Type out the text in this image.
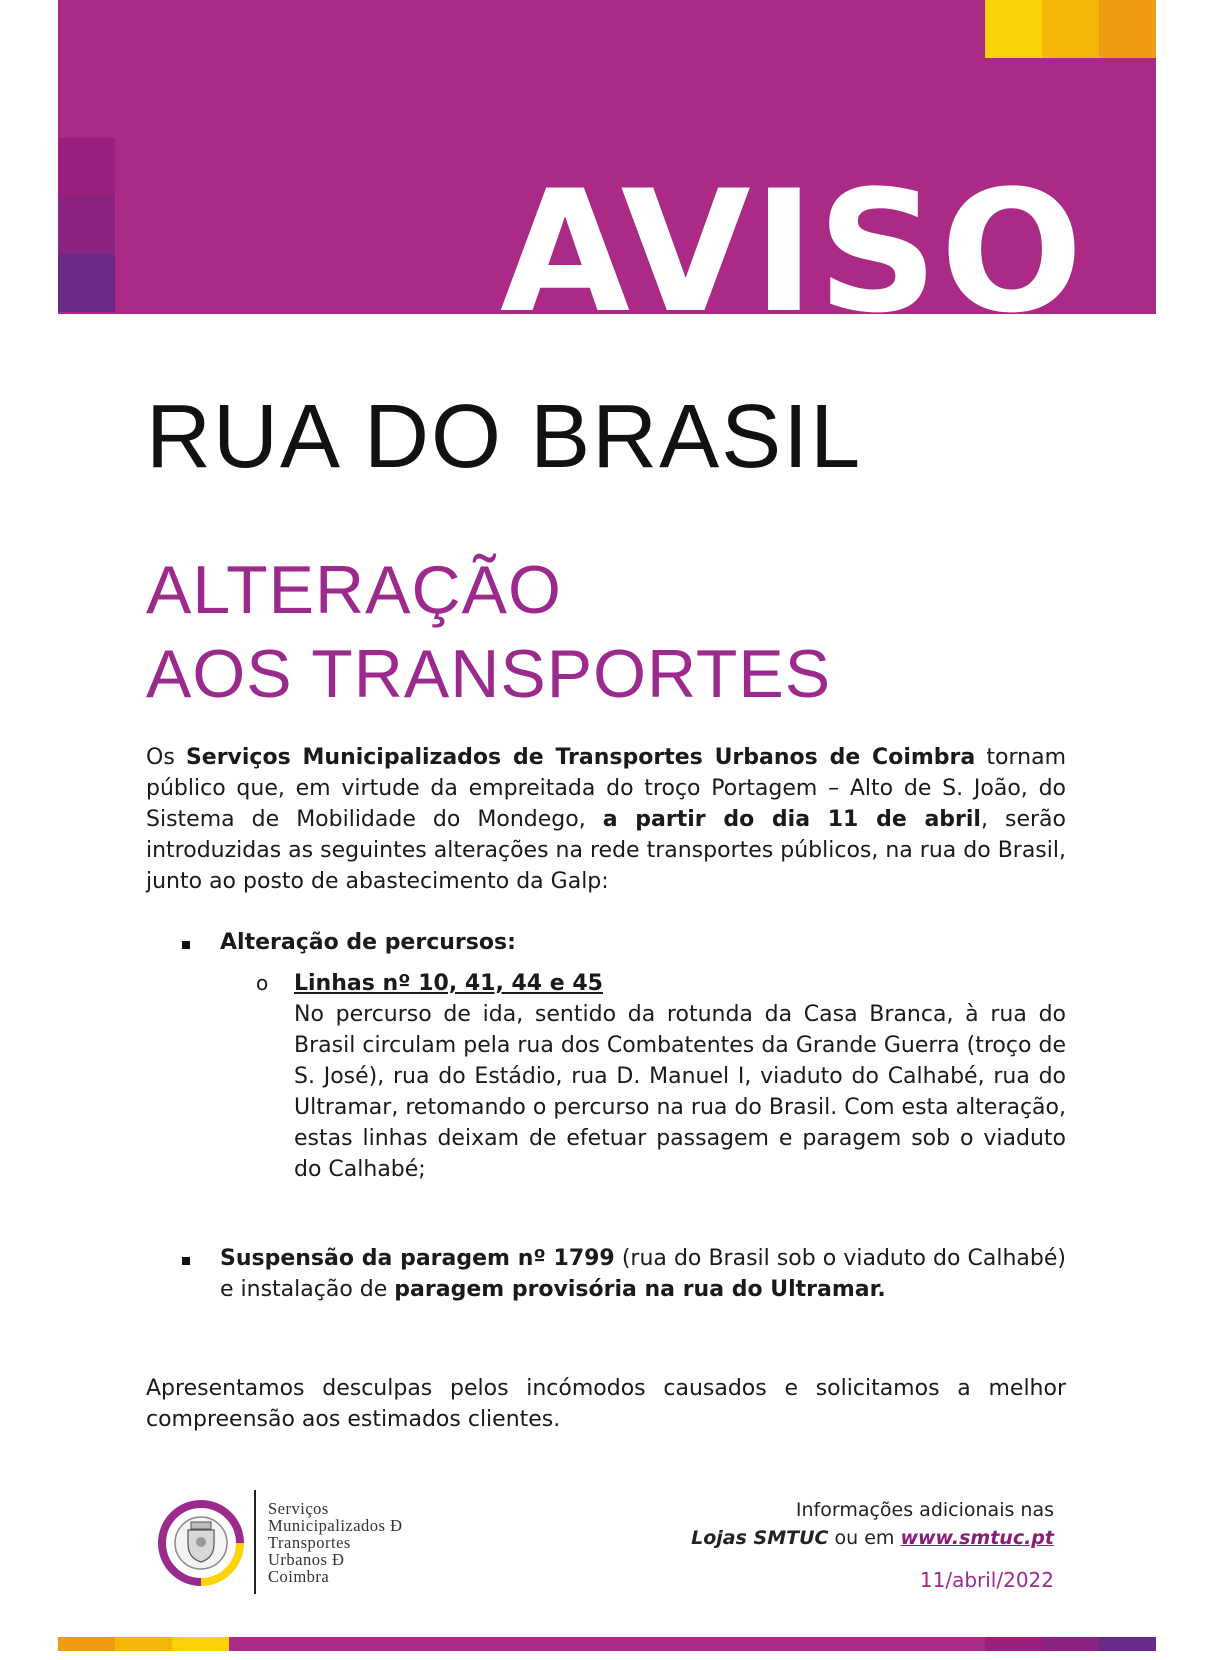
AVISO
RUA DO BRASIL
ALTERAÇÃO
AOS TRANSPORTES

Os Serviços Municipalizados de Transportes Urbanos de Coimbra tornam público que, em virtude da empreitada do troço Portagem – Alto de S. João, do Sistema de Mobilidade do Mondego, a partir do dia 11 de abril, serão introduzidas as seguintes alterações na rede transportes públicos, na rua do Brasil, junto ao posto de abastecimento da Galp:

Alteração de percursos:
o	Linhas nº 10, 41, 44 e 45

No percurso de ida, sentido da rotunda da Casa Branca, à rua do Brasil circulam pela rua dos Combatentes da Grande Guerra (troço de S. José), rua do Estádio, rua D. Manuel I, viaduto do Calhabé, rua do Ultramar, retomando o percurso na rua do Brasil. Com esta alteração, estas linhas deixam de efetuar passagem e paragem sob o viaduto do Calhabé;

Suspensão da paragem nº 1799 (rua do Brasil sob o viaduto do Calhabé) e instalação de paragem provisória na rua do Ultramar.

Apresentamos desculpas pelos incómodos causados e solicitamos a melhor compreensão aos estimados clientes.

Serviços
Municipalizados Ð
Transportes
Urbanos Ð
Coimbra

Informações adicionais nas
Lojas SMTUC ou em www.smtuc.pt
11/abril/2022
